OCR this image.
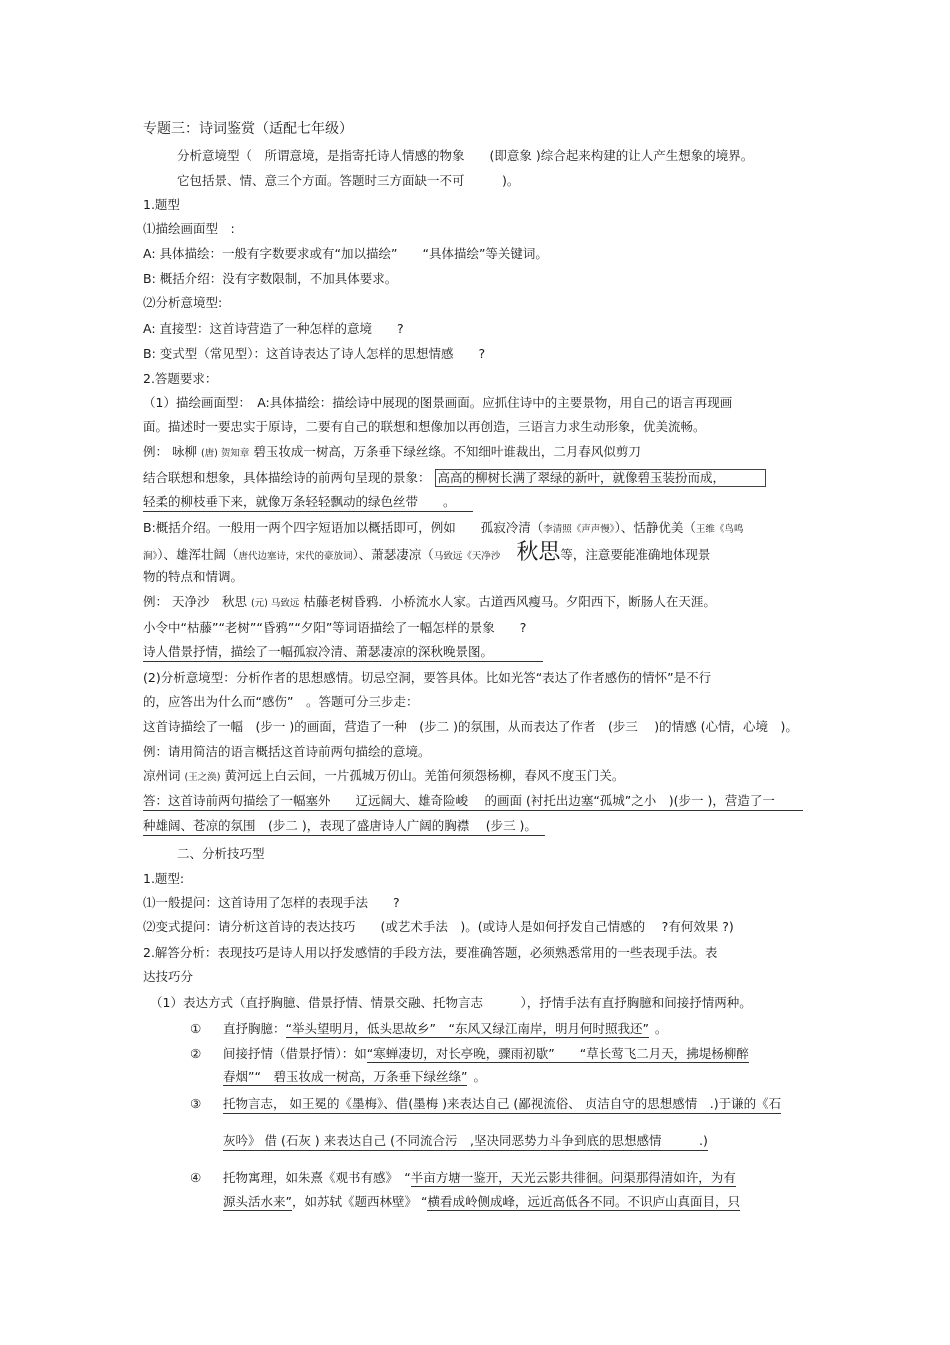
专题三：诗词鉴赏（适配七年级）
分析意境型（　所谓意境，是指寄托诗人情感的物象　　(即意象 )综合起来构建的让人产生想象的境界。
它包括景、情、意三个方面。答题时三方面缺一不可　　　)。
1.题型
⑴描绘画面型　:
A: 具体描绘：一般有字数要求或有“加以描绘”　　“具体描绘”等关键词。
B: 概括介绍：没有字数限制，不加具体要求。
⑵分析意境型:
A: 直接型：这首诗营造了一种怎样的意境　　?
B: 变式型（常见型）：这首诗表达了诗人怎样的思想情感　　?
2.答题要求：
（1）描绘画面型：　A:具体描绘：描绘诗中展现的图景画面。应抓住诗中的主要景物，用自己的语言再现画
面。描述时一要忠实于原诗，二要有自己的联想和想像加以再创造，三语言力求生动形象，优美流畅。
例： 咏柳 (唐) 贺知章 碧玉妆成一树高，万条垂下绿丝绦。不知细叶谁裁出，二月春风似剪刀
结合联想和想象，具体描绘诗的前两句呈现的景象： 高高的柳树长满了翠绿的新叶，就像碧玉装扮而成，
轻柔的柳枝垂下来，就像万条轻轻飘动的绿色丝带　　。
B:概括介绍。一般用一两个四字短语加以概括即可，例如　　孤寂冷清（李清照《声声慢》）、恬静优美（王维《鸟鸣
涧》）、雄浑壮阔（唐代边塞诗，宋代的豪放词）、萧瑟凄凉（马致远《天净沙 秋思等，注意要能准确地体现景
物的特点和情调。
例： 天净沙　秋思 (元) 马致远 枯藤老树昏鸦．小桥流水人家。古道西风瘦马。夕阳西下，断肠人在天涯。
小令中“枯藤”“老树”“昏鸦”“夕阳”等词语描绘了一幅怎样的景象　　?
诗人借景抒情，描绘了一幅孤寂冷清、萧瑟凄凉的深秋晚景图。
(2)分析意境型：分析作者的思想感情。切忌空洞，要答具体。比如光答“表达了作者感伤的情怀”是不行
的，应答出为什么而“感伤”　。答题可分三步走：
这首诗描绘了一幅　(步一 )的画面，营造了一种　(步二 )的氛围，从而表达了作者　(步三　 )的情感 (心情，心境　)。
例：请用简洁的语言概括这首诗前两句描绘的意境。
凉州词 (王之涣) 黄河远上白云间，一片孤城万仞山。羌笛何须怨杨柳，春风不度玉门关。
答：这首诗前两句描绘了一幅塞外　　辽远阔大、雄奇险峻　 的画面 (衬托出边塞“孤城”之小　)(步一 )，营造了一
种雄阔、苍凉的氛围　(步二 )，表现了盛唐诗人广阔的胸襟　 (步三 )。
二、分析技巧型
1.题型:
⑴一般提问：这首诗用了怎样的表现手法　　?
⑵变式提问：请分析这首诗的表达技巧　　(或艺术手法　)。(或诗人是如何抒发自己情感的　 ?有何效果 ?)
2.解答分析：表现技巧是诗人用以抒发感情的手段方法，要准确答题，必须熟悉常用的一些表现手法。表
达技巧分
（1）表达方式（直抒胸臆、借景抒情、情景交融、托物言志　　　），抒情手法有直抒胸臆和间接抒情两种。
① 直抒胸臆：“举头望明月，低头思故乡”　“东风又绿江南岸，明月何时照我还” 。
② 间接抒情（借景抒情）：如“寒蝉凄切，对长亭晚，骤雨初歇”　　“草长莺飞二月天，拂堤杨柳醉
春烟”“　碧玉妆成一树高，万条垂下绿丝绦” 。
③ 托物言志， 如王冕的《墨梅》、借(墨梅 )来表达自己 (鄙视流俗、 贞洁自守的思想感情　.)于谦的《石
灰吟》 借 (石灰 ) 来表达自己 (不同流合污　,坚决同恶势力斗争到底的思想感情　　　.)
④ 托物寓理，如朱熹《观书有感》　“半亩方塘一鉴开，天光云影共徘徊。问渠那得清如许，为有
源头活水来”，如苏轼《题西林壁》 “横看成岭侧成峰，远近高低各不同。不识庐山真面目，只
